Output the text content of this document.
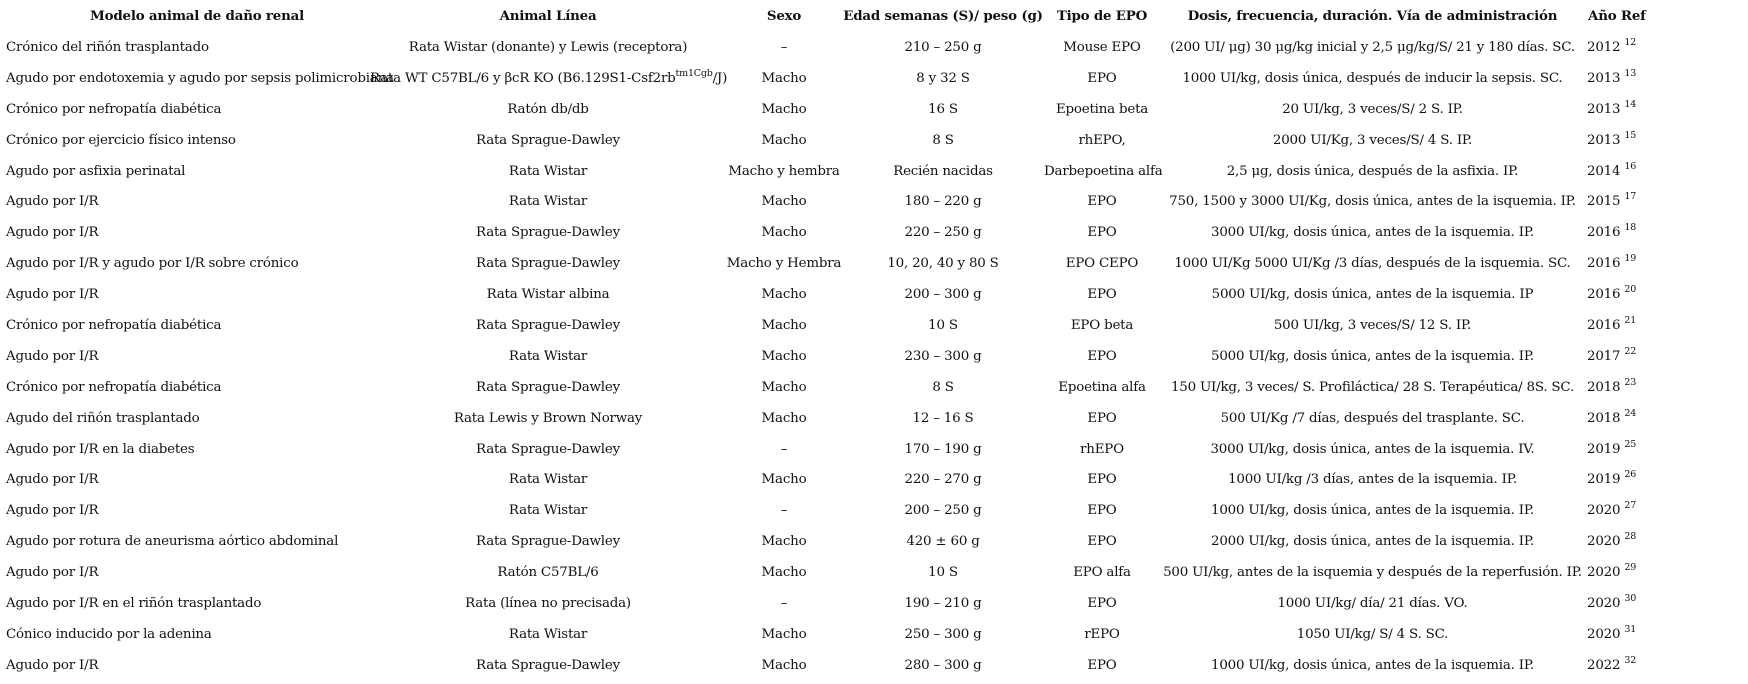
Modelo animal de daño renal	Animal Línea	Sexo	Edad semanas (S)/ peso (g)	Tipo de EPO	Dosis, frecuencia, duración. Vía de administración	Año Ref
Crónico del riñón trasplantado	Rata Wistar (donante) y Lewis (receptora)	–	210 – 250 g	Mouse EPO	(200 UI/ μg) 30 μg/kg inicial y 2,5 μg/kg/S/ 21 y 180 días. SC.	2012 $^{12}$
Agudo por endotoxemia y agudo por sepsis polimicrobiana	Rata WT C57BL/6 y βcR KO $(B6.129S1-Csf2rb^{tm1Cgb}/J)$	Macho	8 y 32 S	EPO	1000 UI/kg, dosis única, después de inducir la sepsis. SC.	2013 $^{13}$
Crónico por nefropatía diabética	Ratón db/db	Macho	16 S	Epoetina beta	20 UI/kg, 3 veces/S/ 2 S. IP.	2013 $^{14}$
Crónico por ejercicio físico intenso	Rata Sprague-Dawley	Macho	8 S	rhEPO,	2000 UI/Kg, 3 veces/S/ 4 S. IP.	2013 $^{15}$
Agudo por asfixia perinatal	Rata Wistar	Macho y hembra	Recién nacidas	Darbepoetina alfa	2,5 μg, dosis única, después de la asfixia. IP.	2014 $^{16}$
Agudo por I/R	Rata Wistar	Macho	180 – 220 g	EPO	750, 1500 y 3000 UI/Kg, dosis única, antes de la isquemia. IP.	2015 $^{17}$
Agudo por I/R	Rata Sprague-Dawley	Macho	220 – 250 g	EPO	3000 UI/kg, dosis única, antes de la isquemia. IP.	2016 $^{18}$
Agudo por I/R y agudo por I/R sobre crónico	Rata Sprague-Dawley	Macho y Hembra	10, 20, 40 y 80 S	EPO CEPO	1000 UI/Kg 5000 UI/Kg /3 días, después de la isquemia. SC.	2016 $^{19}$
Agudo por I/R	Rata Wistar albina	Macho	200 – 300 g	EPO	5000 UI/kg, dosis única, antes de la isquemia. IP	2016 $^{20}$
Crónico por nefropatía diabética	Rata Sprague-Dawley	Macho	10 S	EPO beta	500 UI/kg, 3 veces/S/ 12 S. IP.	2016 $^{21}$
Agudo por I/R	Rata Wistar	Macho	230 – 300 g	EPO	5000 UI/kg, dosis única, antes de la isquemia. IP.	2017 $^{22}$
Crónico por nefropatía diabética	Rata Sprague-Dawley	Macho	8 S	Epoetina alfa	150 UI/kg, 3 veces/ S. Profiláctica/ 28 S. Terapéutica/ 8S. SC.	2018 $^{23}$
Agudo del riñón trasplantado	Rata Lewis y Brown Norway	Macho	12 – 16 S	EPO	500 UI/Kg /7 días, después del trasplante. SC.	2018 $^{24}$
Agudo por I/R en la diabetes	Rata Sprague-Dawley	–	170 – 190 g	rhEPO	3000 UI/kg, dosis única, antes de la isquemia. IV.	2019 $^{25}$
Agudo por I/R	Rata Wistar	Macho	220 – 270 g	EPO	1000 UI/kg /3 días, antes de la isquemia. IP.	2019 $^{26}$
Agudo por I/R	Rata Wistar	–	200 – 250 g	EPO	1000 UI/kg, dosis única, antes de la isquemia. IP.	2020 $^{27}$
Agudo por rotura de aneurisma aórtico abdominal	Rata Sprague-Dawley	Macho	420 ± 60 g	EPO	2000 UI/kg, dosis única, antes de la isquemia. IP.	2020 $^{28}$
Agudo por I/R	Ratón C57BL/6	Macho	10 S	EPO alfa	500 UI/kg, antes de la isquemia y después de la reperfusión. IP.	2020 $^{29}$
Agudo por I/R en el riñón trasplantado	Rata (línea no precisada)	–	190 – 210 g	EPO	1000 UI/kg/ día/ 21 días. VO.	2020 $^{30}$
Cónico inducido por la adenina	Rata Wistar	Macho	250 – 300 g	rEPO	1050 UI/kg/ S/ 4 S. SC.	2020 $^{31}$
Agudo por I/R	Rata Sprague-Dawley	Macho	280 – 300 g	EPO	1000 UI/kg, dosis única, antes de la isquemia. IP.	2022 $^{32}$
